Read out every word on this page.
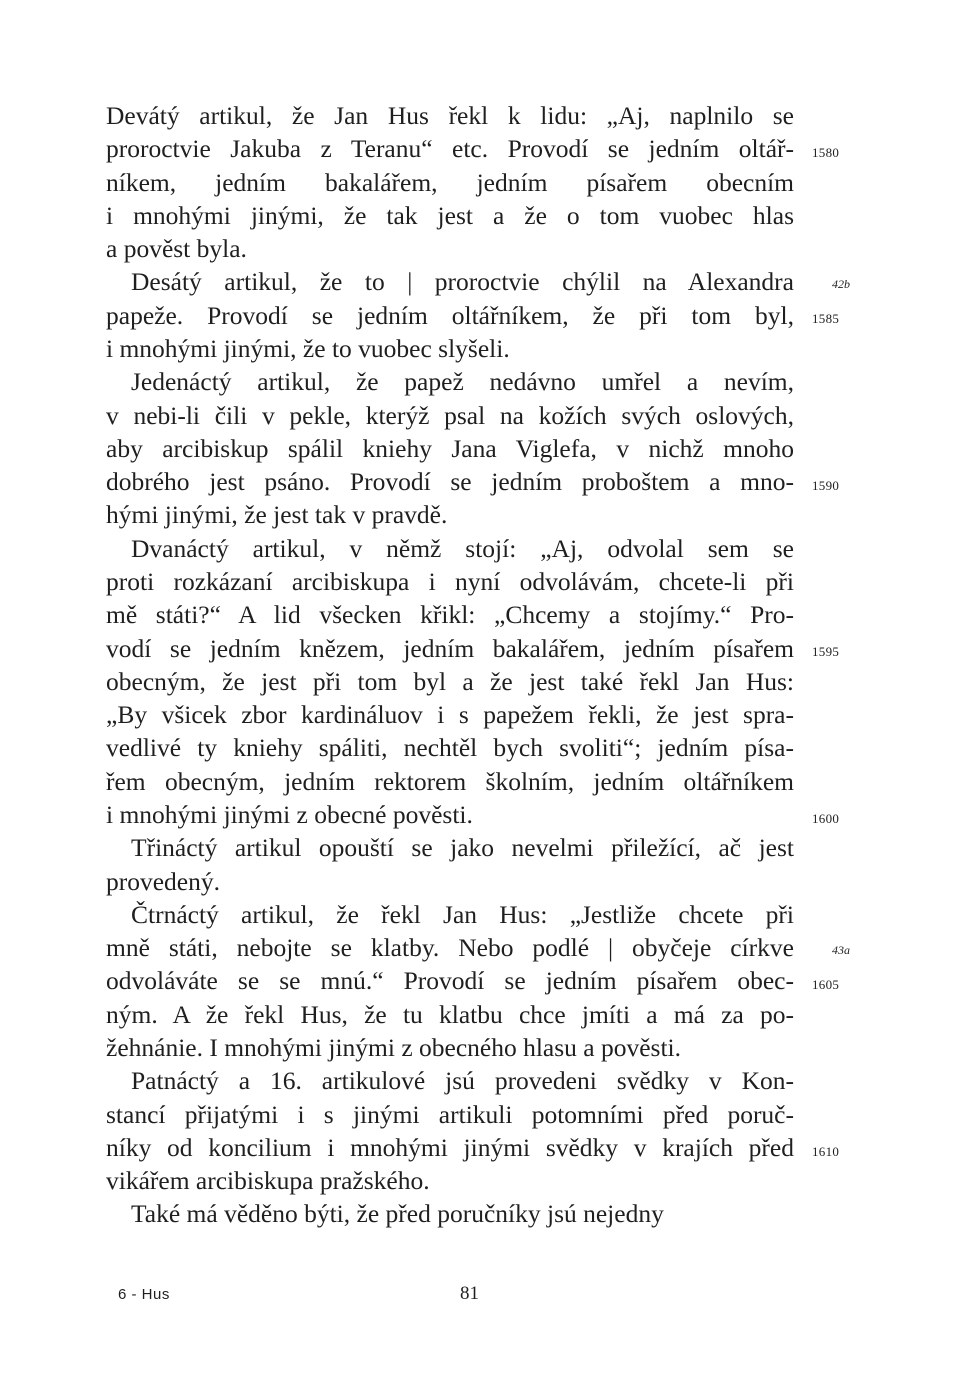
Devátý artikul, že Jan Hus řekl k lidu: „Aj, naplnilo se
proroctvie Jakuba z Teranu“ etc. Provodí se jedním oltář-
níkem, jedním bakalářem, jedním písařem obecním
i mnohými jinými, že tak jest a že o tom vuobec hlas
a pověst byla.
Desátý artikul, že to | proroctvie chýlil na Alexandra
papeže. Provodí se jedním oltářníkem, že při tom byl,
i mnohými jinými, že to vuobec slyšeli.
Jedenáctý artikul, že papež nedávno umřel a nevím,
v nebi-li čili v pekle, kterýž psal na kožích svých oslových,
aby arcibiskup spálil kniehy Jana Viglefa, v nichž mnoho
dobrého jest psáno. Provodí se jedním proboštem a mno-
hými jinými, že jest tak v pravdě.
Dvanáctý artikul, v němž stojí: „Aj, odvolal sem se
proti rozkázaní arcibiskupa i nyní odvolávám, chcete-li při
mě státi?“ A lid všecken křikl: „Chcemy a stojímy.“ Pro-
vodí se jedním knězem, jedním bakalářem, jedním písařem
obecným, že jest při tom byl a že jest také řekl Jan Hus:
„By všicek zbor kardináluov i s papežem řekli, že jest spra-
vedlivé ty kniehy spáliti, nechtěl bych svoliti“; jedním písa-
řem obecným, jedním rektorem školním, jedním oltářníkem
i mnohými jinými z obecné pověsti.
Třináctý artikul opouští se jako nevelmi přiležící, ač jest
provedený.
Čtrnáctý artikul, že řekl Jan Hus: „Jestliže chcete při
mně státi, nebojte se klatby. Nebo podlé | obyčeje církve
odvoláváte se se mnú.“ Provodí se jedním písařem obec-
ným. A že řekl Hus, že tu klatbu chce jmíti a má za po-
žehnánie. I mnohými jinými z obecného hlasu a pověsti.
Patnáctý a 16. artikulové jsú provedeni svědky v Kon-
stancí přijatými i s jinými artikuli potomními před poruč-
níky od koncilium i mnohými jinými svědky v krajích před
vikářem arcibiskupa pražského.
Také má věděno býti, že před poručníky jsú nejedny
1580
1585
1590
1595
1600
1605
1610
42b
43a
6 - Hus	81
